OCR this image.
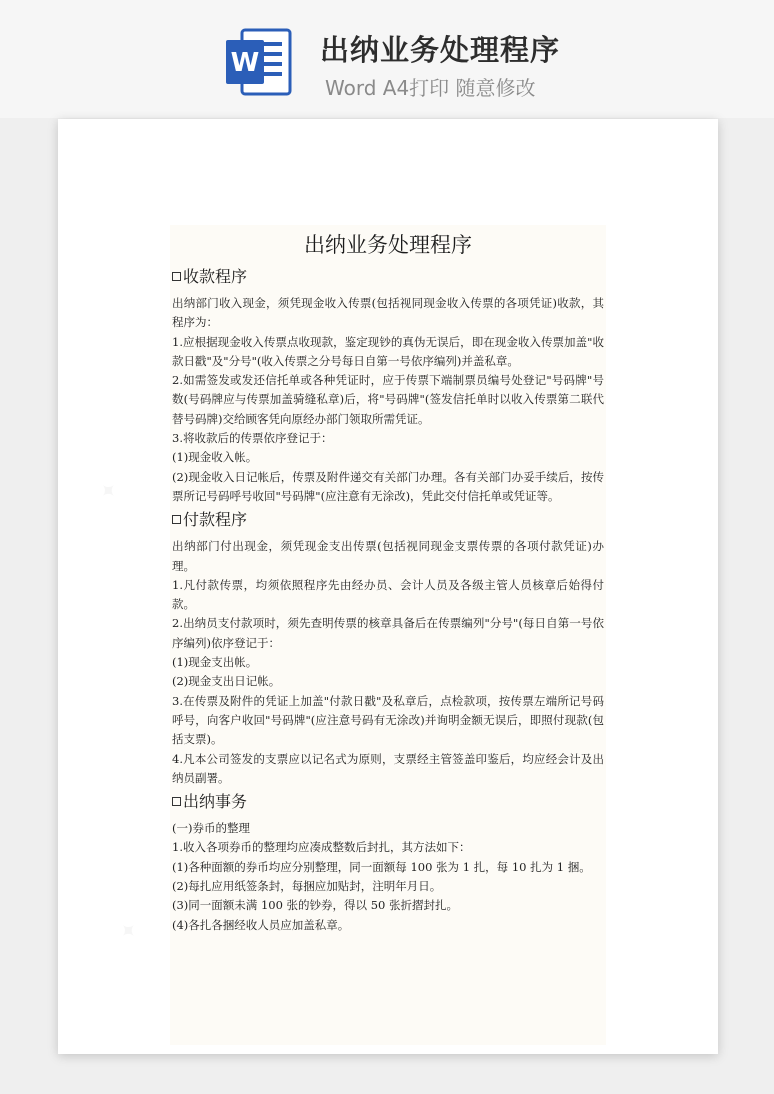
W 出纳业务处理程序
Word A4打印 随意修改
出纳业务处理程序
收款程序

出纳部门收入现金，须凭现金收入传票(包括视同现金收入传票的各项凭证)收款，其程序为：

1.应根据现金收入传票点收现款，鉴定现钞的真伪无误后，即在现金收入传票加盖"收款日戳"及"分号"(收入传票之分号每日自第一号依序编列)并盖私章。

2.如需签发或发还信托单或各种凭证时，应于传票下端制票员编号处登记"号码牌"号数(号码牌应与传票加盖骑缝私章)后，将"号码牌"(签发信托单时以收入传票第二联代替号码牌)交给顾客凭向原经办部门领取所需凭证。

3.将收款后的传票依序登记于：

(1)现金收入帐。

(2)现金收入日记帐后，传票及附件递交有关部门办理。各有关部门办妥手续后，按传票所记号码呼号收回"号码牌"(应注意有无涂改)，凭此交付信托单或凭证等。

付款程序

出纳部门付出现金，须凭现金支出传票(包括视同现金支票传票的各项付款凭证)办理。

1.凡付款传票，均须依照程序先由经办员、会计人员及各级主管人员核章后始得付款。

2.出纳员支付款项时，须先查明传票的核章具备后在传票编列"分号"(每日自第一号依序编列)依序登记于：

(1)现金支出帐。

(2)现金支出日记帐。

3.在传票及附件的凭证上加盖"付款日戳"及私章后，点检款项，按传票左端所记号码呼号，向客户收回"号码牌"(应注意号码有无涂改)并询明金额无误后，即照付现款(包括支票)。

4.凡本公司签发的支票应以记名式为原则，支票经主管签盖印鉴后，均应经会计及出纳员副署。

出纳事务

(一)券币的整理

1.收入各项券币的整理均应凑成整数后封扎，其方法如下：

(1)各种面额的券币均应分别整理，同一面额每 100 张为 1 扎，每 10 扎为 1 捆。

(2)每扎应用纸签条封，每捆应加贴封，注明年月日。

(3)同一面额未满 100 张的钞券，得以 50 张折摺封扎。

(4)各扎各捆经收人员应加盖私章。
